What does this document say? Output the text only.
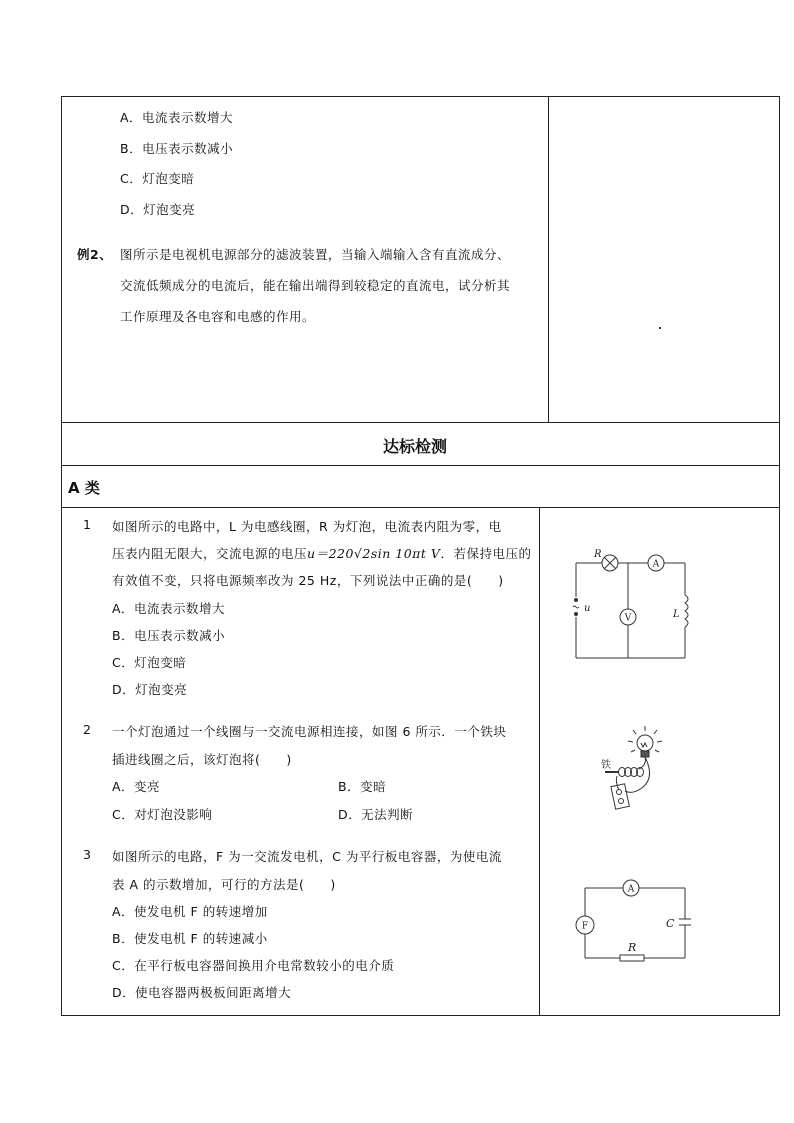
A．电流表示数增大
B．电压表示数减小
C．灯泡变暗
D．灯泡变亮
例2、 图所示是电视机电源部分的滤波装置，当输入端输入含有直流成分、
交流低频成分的电流后，能在输出端得到较稳定的直流电，试分析其
工作原理及各电容和电感的作用。
达标检测
A 类
1 如图所示的电路中，L 为电感线圈，R 为灯泡，电流表内阻为零，电
压表内阻无限大，交流电源的电压u＝220√2sin 10πt V．若保持电压的
有效值不变，只将电源频率改为 25 Hz，下列说法中正确的是(　　)
A．电流表示数增大
B．电压表示数减小
C．灯泡变暗
D．灯泡变亮
R
u
L
A
V
2 一个灯泡通过一个线圈与一交流电源相连接，如图 6 所示．一个铁块
插进线圈之后，该灯泡将(　　)
A．变亮	B．变暗
C．对灯泡没影响	D．无法判断
铁
3 如图所示的电路，F 为一交流发电机，C 为平行板电容器，为使电流
表 A 的示数增加，可行的方法是(　　)
A．使发电机 F 的转速增加
B．使发电机 F 的转速减小
C．在平行板电容器间换用介电常数较小的电介质
D．使电容器两极板间距离增大
A
F	C
R
